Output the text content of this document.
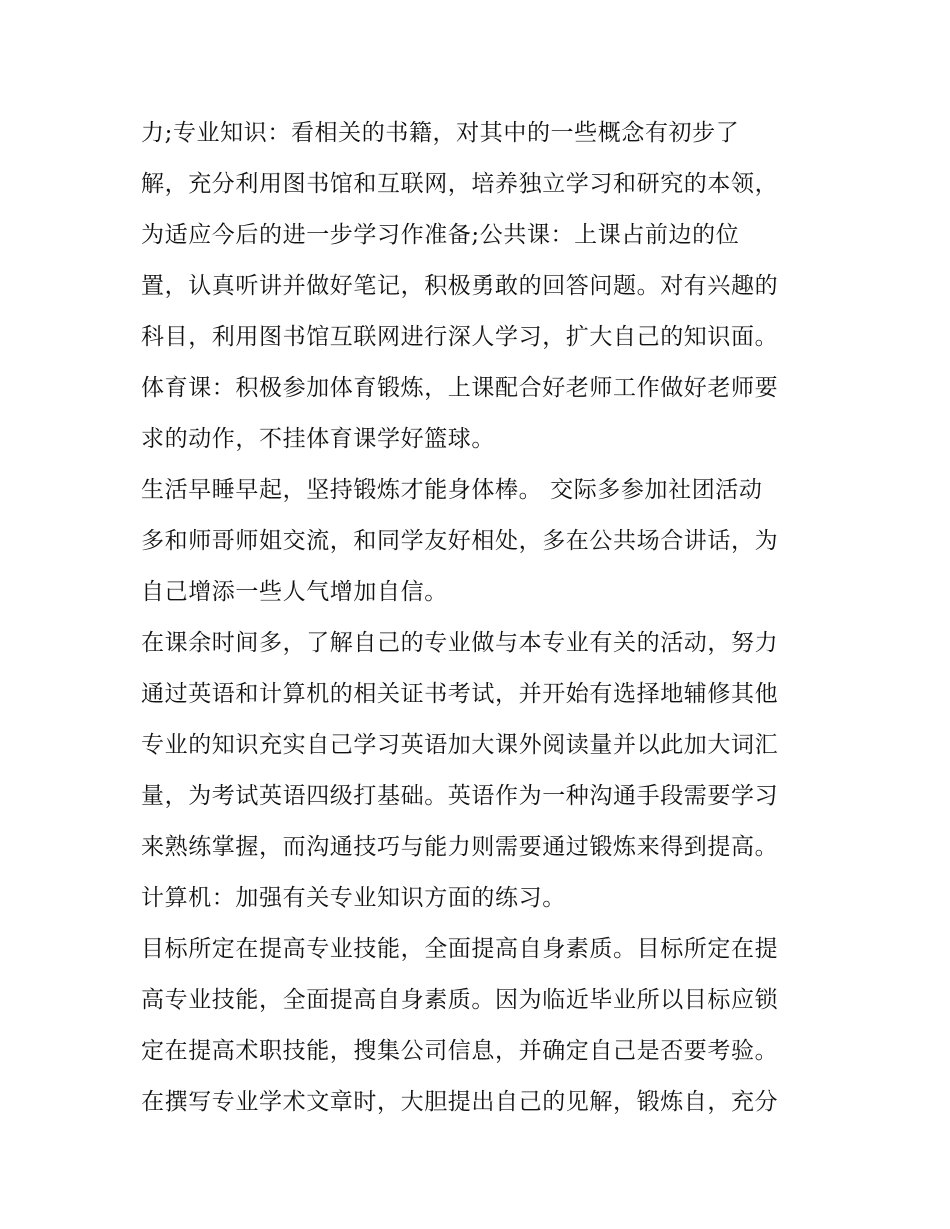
力;专业知识：看相关的书籍，对其中的一些概念有初步了
解，充分利用图书馆和互联网，培养独立学习和研究的本领，
为适应今后的进一步学习作准备;公共课：上课占前边的位
置，认真听讲并做好笔记，积极勇敢的回答问题。对有兴趣的
科目，利用图书馆互联网进行深人学习，扩大自己的知识面。
体育课：积极参加体育锻炼，上课配合好老师工作做好老师要
求的动作，不挂体育课学好篮球。
生活早睡早起，坚持锻炼才能身体棒。 交际多参加社团活动
多和师哥师姐交流，和同学友好相处，多在公共场合讲话，为
自己增添一些人气增加自信。
在课余时间多，了解自己的专业做与本专业有关的活动，努力
通过英语和计算机的相关证书考试，并开始有选择地辅修其他
专业的知识充实自己学习英语加大课外阅读量并以此加大词汇
量，为考试英语四级打基础。英语作为一种沟通手段需要学习
来熟练掌握，而沟通技巧与能力则需要通过锻炼来得到提高。
计算机：加强有关专业知识方面的练习。
目标所定在提高专业技能，全面提高自身素质。目标所定在提
高专业技能，全面提高自身素质。因为临近毕业所以目标应锁
定在提高术职技能，搜集公司信息，并确定自己是否要考验。
在撰写专业学术文章时，大胆提出自己的见解，锻炼自，充分
